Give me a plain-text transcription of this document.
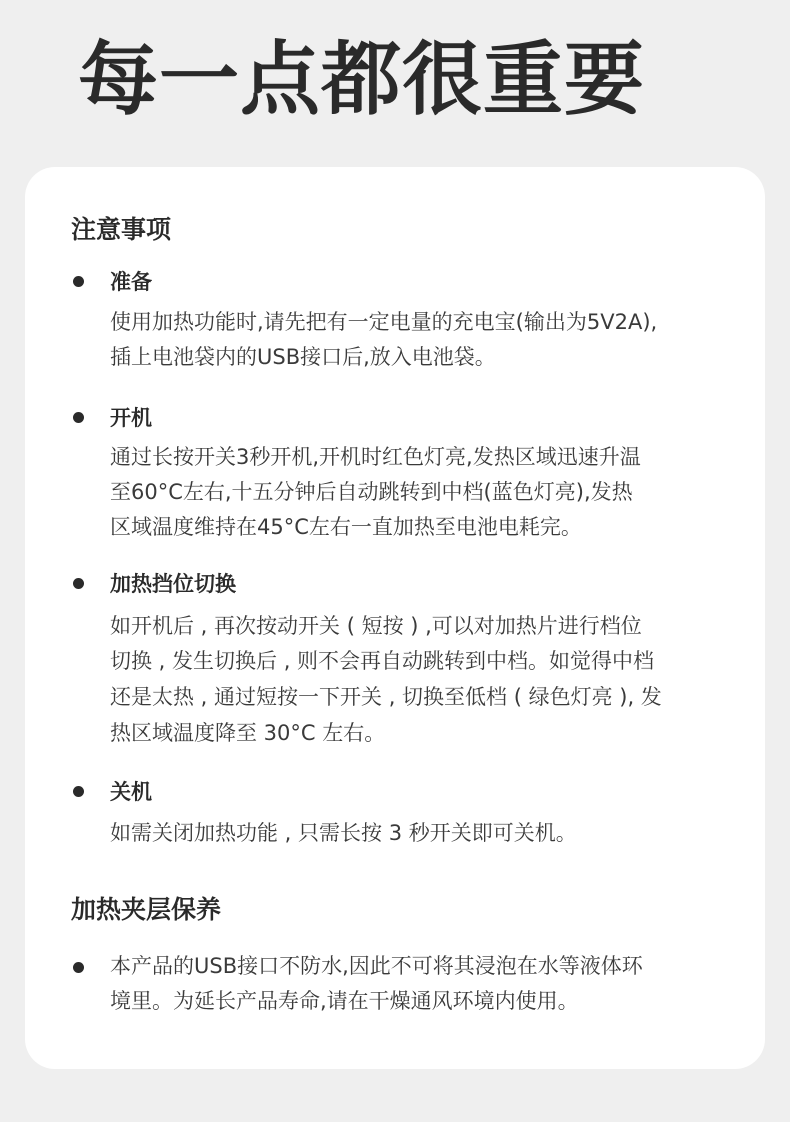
每一点都很重要
注意事项
准备
使用加热功能时,请先把有一定电量的充电宝(输出为5V2A),
插上电池袋内的USB接口后,放入电池袋。
开机
通过长按开关3秒开机,开机时红色灯亮,发热区域迅速升温
至60°C左右,十五分钟后自动跳转到中档(蓝色灯亮),发热
区域温度维持在45°C左右一直加热至电池电耗完。
加热挡位切换
如开机后 , 再次按动开关 ( 短按 ) ,可以对加热片进行档位
切换 , 发生切换后 , 则不会再自动跳转到中档。如觉得中档
还是太热 , 通过短按一下开关 , 切换至低档 ( 绿色灯亮 ), 发
热区域温度降至 30°C 左右。
关机
如需关闭加热功能 , 只需长按 3 秒开关即可关机。
加热夹层保养
本产品的USB接口不防水,因此不可将其浸泡在水等液体环
境里。为延长产品寿命,请在干燥通风环境内使用。
